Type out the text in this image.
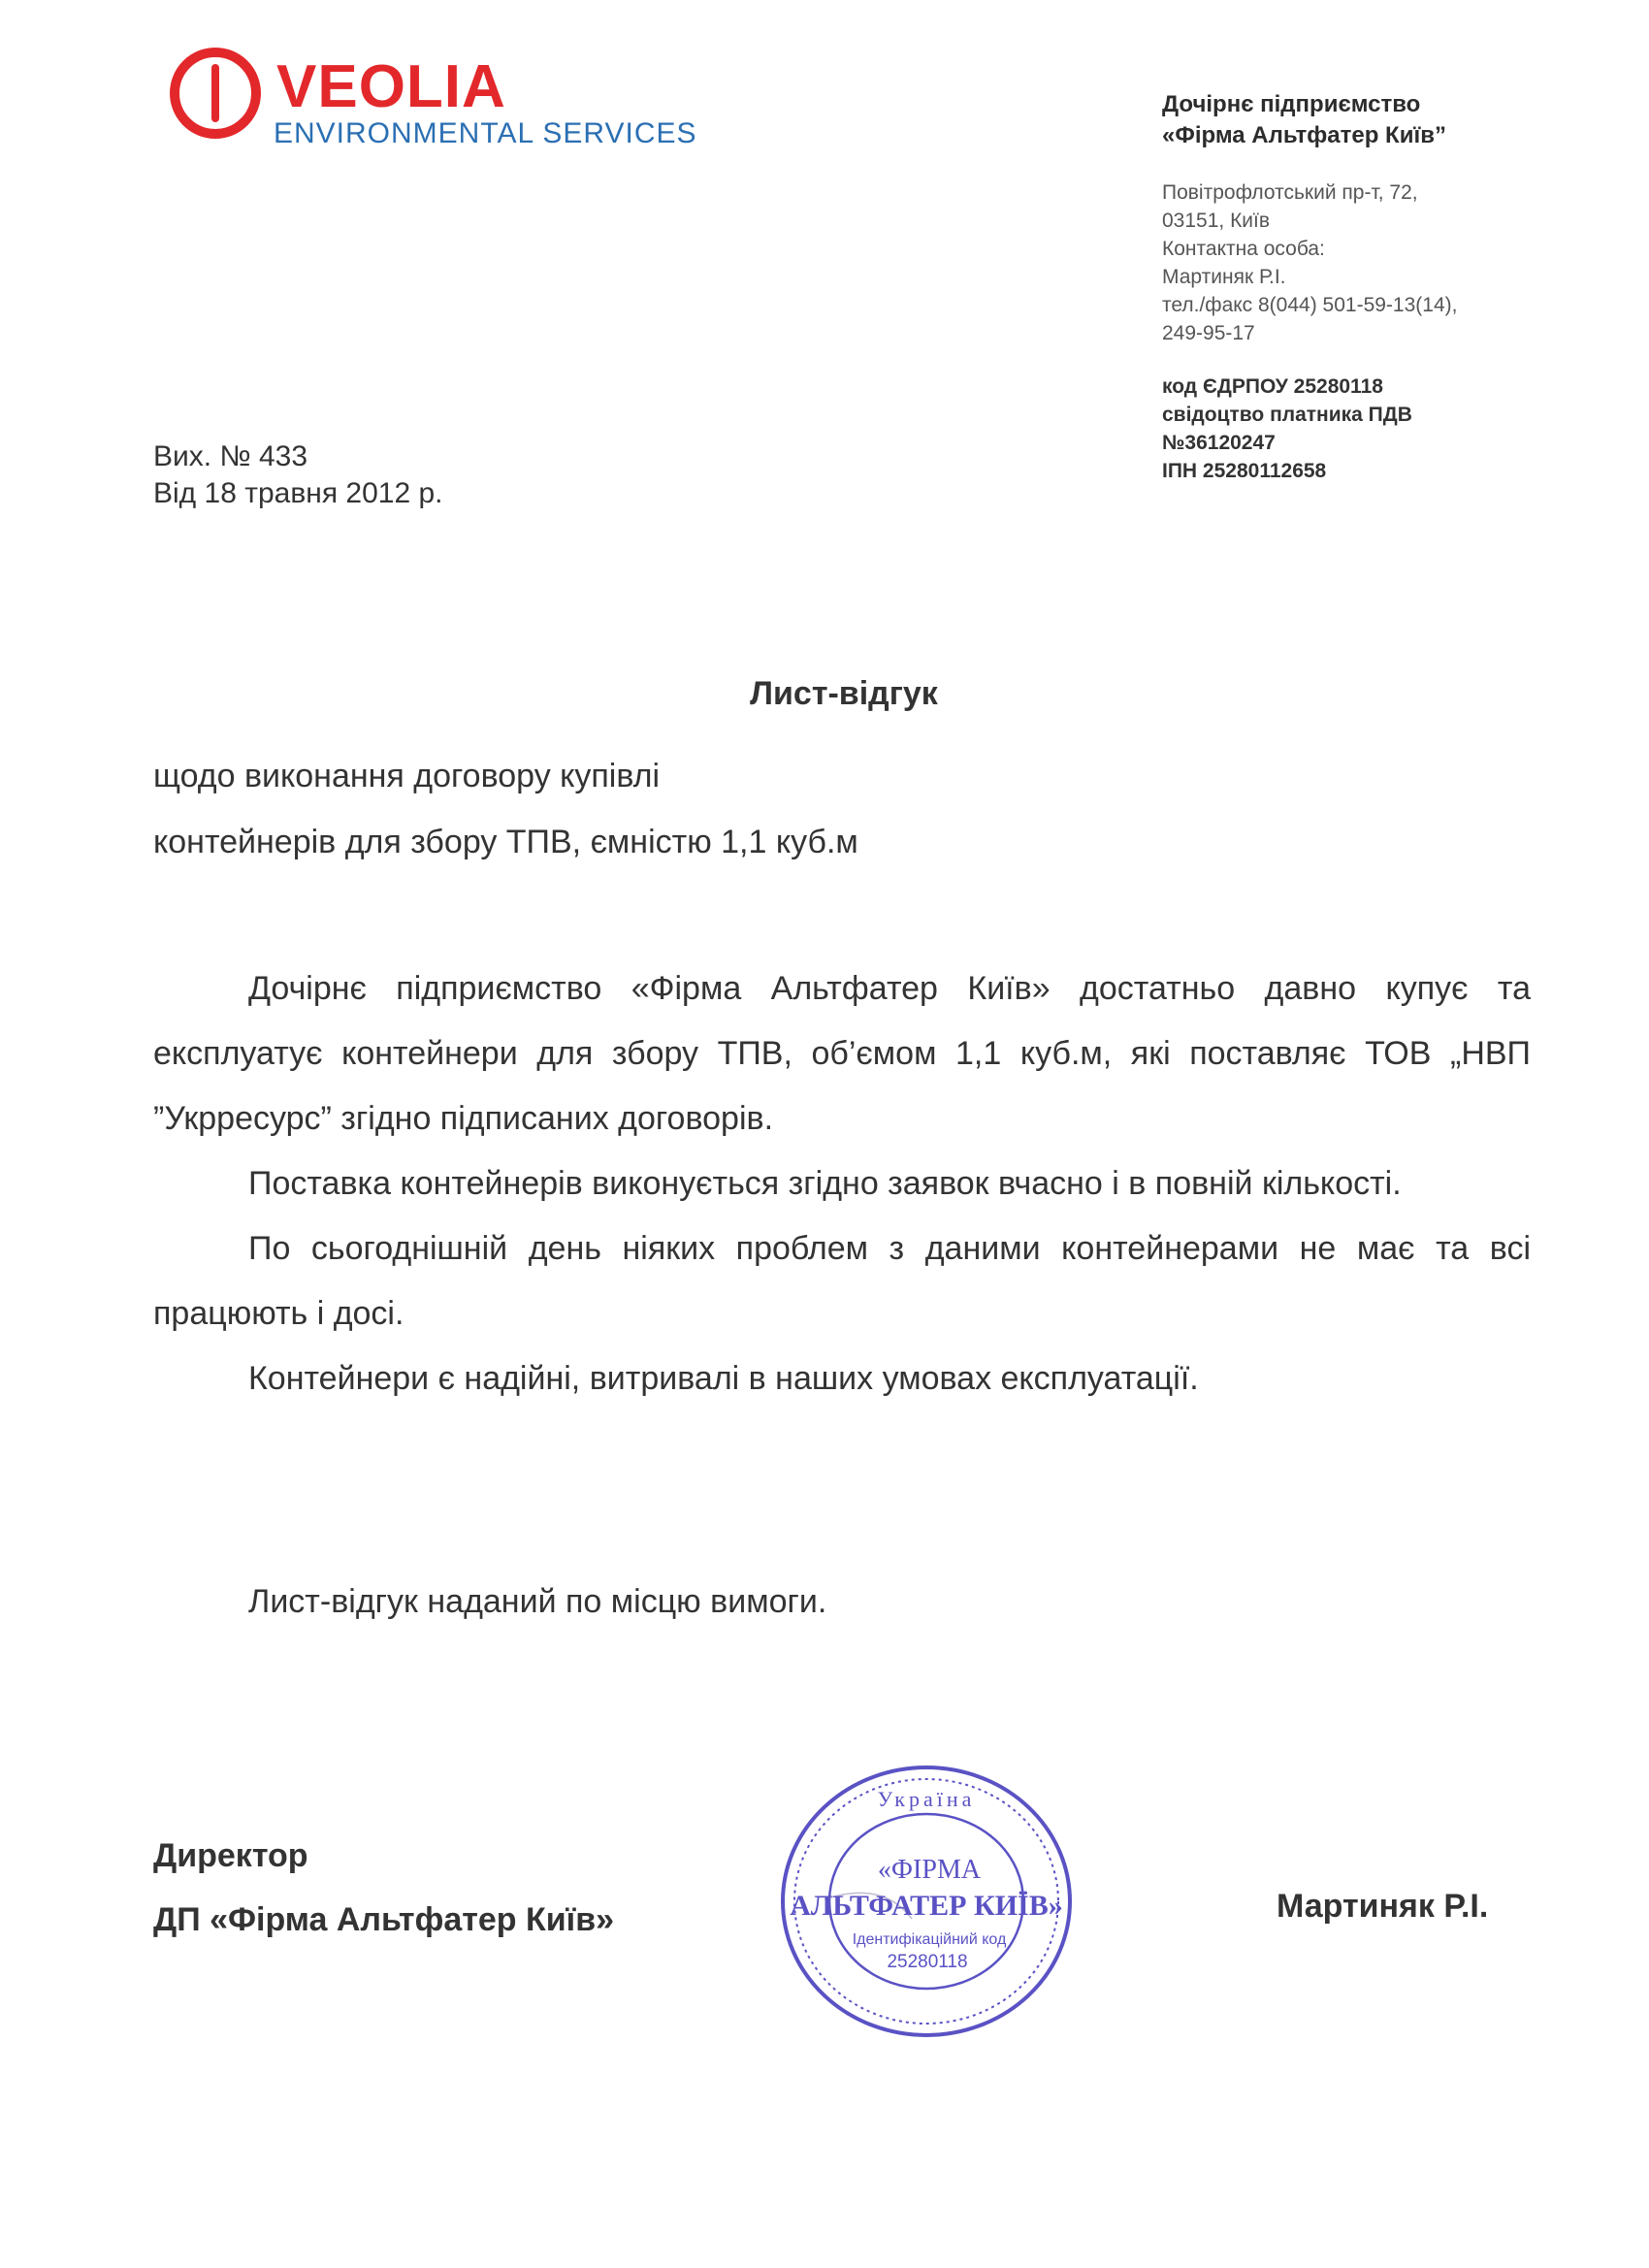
VEOLIA
ENVIRONMENTAL SERVICES
Дочірнє підприємство
«Фірма Альтфатер Київ”
Повітрофлотський пр-т, 72,
03151, Київ
Контактна особа:
Мартиняк Р.І.
тел./факс 8(044) 501-59-13(14),
249-95-17
код ЄДРПОУ 25280118
свідоцтво платника ПДВ
№36120247
ІПН 25280112658
Вих. № 433
Від 18 травня 2012 р.
Лист-відгук
щодо виконання договору купівлі
контейнерів для збору ТПВ, ємністю 1,1 куб.м

Дочірнє підприємство «Фірма Альтфатер Київ» достатньо давно купує та експлуатує контейнери для збору ТПВ, об’ємом 1,1 куб.м, які поставляє ТОВ „НВП ”Укрресурс” згідно підписаних договорів.

Поставка контейнерів виконується згідно заявок вчасно і в повній кількості.

По сьогоднішній день ніяких проблем з даними контейнерами не має та всі працюють і досі.

Контейнери є надійні, витривалі в наших умовах експлуатації.

Лист-відгук наданий по місцю вимоги.
Директор
ДП «Фірма Альтфатер Київ»	Мартиняк Р.І.
Україна
«ФІРМА
АЛЬТФАТЕР КИЇВ»
Ідентифікаційний код
25280118
